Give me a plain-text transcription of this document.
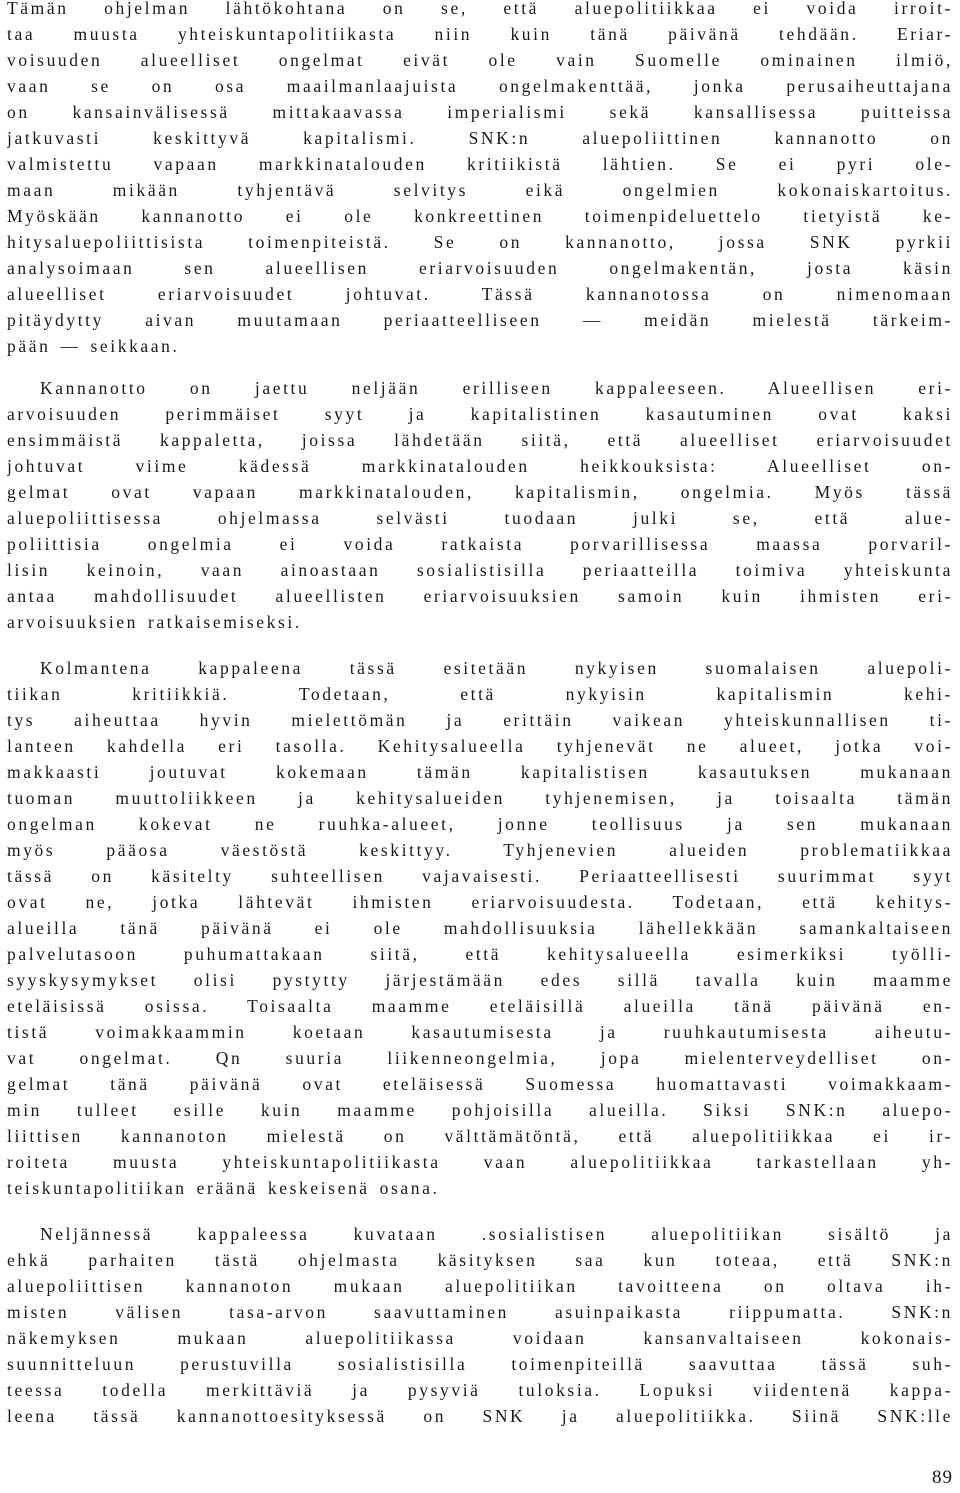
Tämän ohjelman lähtökohtana on se, että aluepolitiikkaa ei voida irroit-
taa muusta yhteiskuntapolitiikasta niin kuin tänä päivänä tehdään. Eriar-
voisuuden alueelliset ongelmat eivät ole vain Suomelle ominainen ilmiö,
vaan se on osa maailmanlaajuista ongelmakenttää, jonka perusaiheuttajana
on kansainvälisessä mittakaavassa imperialismi sekä kansallisessa puitteissa
jatkuvasti keskittyvä kapitalismi. SNK:n aluepoliittinen kannanotto on
valmistettu vapaan markkinatalouden kritiikistä lähtien. Se ei pyri ole-
maan mikään tyhjentävä selvitys eikä ongelmien kokonaiskartoitus.
Myöskään kannanotto ei ole konkreettinen toimenpideluettelo tietyistä ke-
hitysaluepoliittisista toimenpiteistä. Se on kannanotto, jossa SNK pyrkii
analysoimaan sen alueellisen eriarvoisuuden ongelmakentän, josta käsin
alueelliset eriarvoisuudet johtuvat. Tässä kannanotossa on nimenomaan
pitäydytty aivan muutamaan periaatteelliseen — meidän mielestä tärkeim-
pään — seikkaan.
Kannanotto on jaettu neljään erilliseen kappaleeseen. Alueellisen eri-
arvoisuuden perimmäiset syyt ja kapitalistinen kasautuminen ovat kaksi
ensimmäistä kappaletta, joissa lähdetään siitä, että alueelliset eriarvoisuudet
johtuvat viime kädessä markkinatalouden heikkouksista: Alueelliset on-
gelmat ovat vapaan markkinatalouden, kapitalismin, ongelmia. Myös tässä
aluepoliittisessa ohjelmassa selvästi tuodaan julki se, että alue-
poliittisia ongelmia ei voida ratkaista porvarillisessa maassa porvaril-
lisin keinoin, vaan ainoastaan sosialistisilla periaatteilla toimiva yhteiskunta
antaa mahdollisuudet alueellisten eriarvoisuuksien samoin kuin ihmisten eri-
arvoisuuksien ratkaisemiseksi.
Kolmantena kappaleena tässä esitetään nykyisen suomalaisen aluepoli-
tiikan kritiikkiä. Todetaan, että nykyisin kapitalismin kehi-
tys aiheuttaa hyvin mielettömän ja erittäin vaikean yhteiskunnallisen ti-
lanteen kahdella eri tasolla. Kehitysalueella tyhjenevät ne alueet, jotka voi-
makkaasti joutuvat kokemaan tämän kapitalistisen kasautuksen mukanaan
tuoman muuttoliikkeen ja kehitysalueiden tyhjenemisen, ja toisaalta tämän
ongelman kokevat ne ruuhka-alueet, jonne teollisuus ja sen mukanaan
myös pääosa väestöstä keskittyy. Tyhjenevien alueiden problematiikkaa
tässä on käsitelty suhteellisen vajavaisesti. Periaatteellisesti suurimmat syyt
ovat ne, jotka lähtevät ihmisten eriarvoisuudesta. Todetaan, että kehitys-
alueilla tänä päivänä ei ole mahdollisuuksia lähellekkään samankaltaiseen
palvelutasoon puhumattakaan siitä, että kehitysalueella esimerkiksi työlli-
syyskysymykset olisi pystytty järjestämään edes sillä tavalla kuin maamme
eteläisissä osissa. Toisaalta maamme eteläisillä alueilla tänä päivänä en-
tistä voimakkaammin koetaan kasautumisesta ja ruuhkautumisesta aiheutu-
vat ongelmat. Qn suuria liikenneongelmia, jopa mielenterveydelliset on-
gelmat tänä päivänä ovat eteläisessä Suomessa huomattavasti voimakkaam-
min tulleet esille kuin maamme pohjoisilla alueilla. Siksi SNK:n aluepo-
liittisen kannanoton mielestä on välttämätöntä, että aluepolitiikkaa ei ir-
roiteta muusta yhteiskuntapolitiikasta vaan aluepolitiikkaa tarkastellaan yh-
teiskuntapolitiikan eräänä keskeisenä osana.
Neljännessä kappaleessa kuvataan .sosialistisen aluepolitiikan sisältö ja
ehkä parhaiten tästä ohjelmasta käsityksen saa kun toteaa, että SNK:n
aluepoliittisen kannanoton mukaan aluepolitiikan tavoitteena on oltava ih-
misten välisen tasa-arvon saavuttaminen asuinpaikasta riippumatta. SNK:n
näkemyksen mukaan aluepolitiikassa voidaan kansanvaltaiseen kokonais-
suunnitteluun perustuvilla sosialistisilla toimenpiteillä saavuttaa tässä suh-
teessa todella merkittäviä ja pysyviä tuloksia. Lopuksi viidentenä kappa-
leena tässä kannanottoesityksessä on SNK ja aluepolitiikka. Siinä SNK:lle
89
